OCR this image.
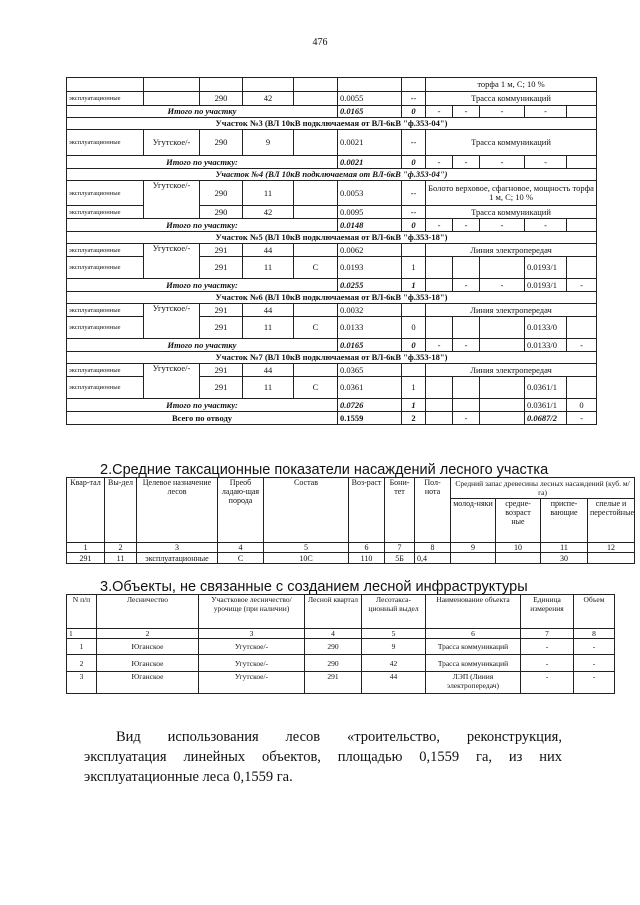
476
							торфа 1 м, С; 10 %				
эксплуатационные		290	42		0.0055	--	Трасса коммуникаций				
Итого по участку					0.0165	0	-	-	-	-	
Участок №3 (ВЛ 10кВ подключаемая от ВЛ-6кВ "ф.353-04")											
эксплуатационные	Угутское/-	290	9		0.0021	--	Трасса коммуникаций				
Итого по участку:					0.0021	0	-	-	-	-	
Участок №4 (ВЛ 10кВ подключаемая от ВЛ-6кВ "ф.353-04")											
эксплуатационные	Угутское/-	290	11		0.0053	--	Болото верховое, сфагновое, мощность торфа 1 м, С; 10 %				
эксплуатационные		290	42		0.0095	--	Трасса коммуникаций				
Итого по участку:					0.0148	0	-	-	-	-	
Участок №5 (ВЛ 10кВ подключаемая от ВЛ-6кВ "ф.353-18")											
эксплуатационные	Угутское/-	291	44		0.0062		Линия электропередач				
эксплуатационные		291	11	С	0.0193	1				0.0193/1	
Итого по участку:					0.0255	1		-	-	0.0193/1	-
Участок №6 (ВЛ 10кВ подключаемая от ВЛ-6кВ "ф.353-18")											
эксплуатационные	Угутское/-	291	44		0.0032		Линия электропередач				
эксплуатационные		291	11	С	0.0133	0				0.0133/0	
Итого по участку					0.0165	0	-	-		0.0133/0	-
Участок №7 (ВЛ 10кВ подключаемая от ВЛ-6кВ "ф.353-18")											
эксплуатационные	Угутское/-	291	44		0.0365		Линия электропередач				
эксплуатационные		291	11	С	0.0361	1				0.0361/1	
Итого по участку:					0.0726	1				0.0361/1	0
Всего по отводу					0.1559	2		-		0.0687/2	-
2.Средние таксационные показатели насаждений лесного участка
Квар-тал	Вы-дел	Целевое назначение лесов	Преоб ладаю-щая порода	Состав	Воз-раст	Бони-тет	Пол-нота	Средний запас древесины лесных насаждений (куб. м/га)			
								молод-няки	средне-возраст ные	приспе-вающие	спелые и перестойные
1	2	3	4	5	6	7	8	9	10	11	12
291	11	эксплуатационные	С	10С	110	5Б	0,4			30	
3.Объекты, не связанные с созданием лесной инфраструктуры
N п/п	Лесничество	Участковое лесничество/урочище (при наличии)	Лесной квартал	Лесотакса-ционный выдел	Наименование объекта	Единица измерения	Объем
1	2	3	4	5	6	7	8
1	Юганское	Угутское/-	290	9	Трасса коммуникаций	-	-
2	Юганское	Угутское/-	290	42	Трасса коммуникаций	-	-
3	Юганское	Угутское/-	291	44	ЛЭП (Линия электропередач)	-	-
Вид использования лесов «троительство, реконструкция,
эксплуатация линейных объектов, площадью 0,1559 га, из них
эксплуатационные леса 0,1559 га.
